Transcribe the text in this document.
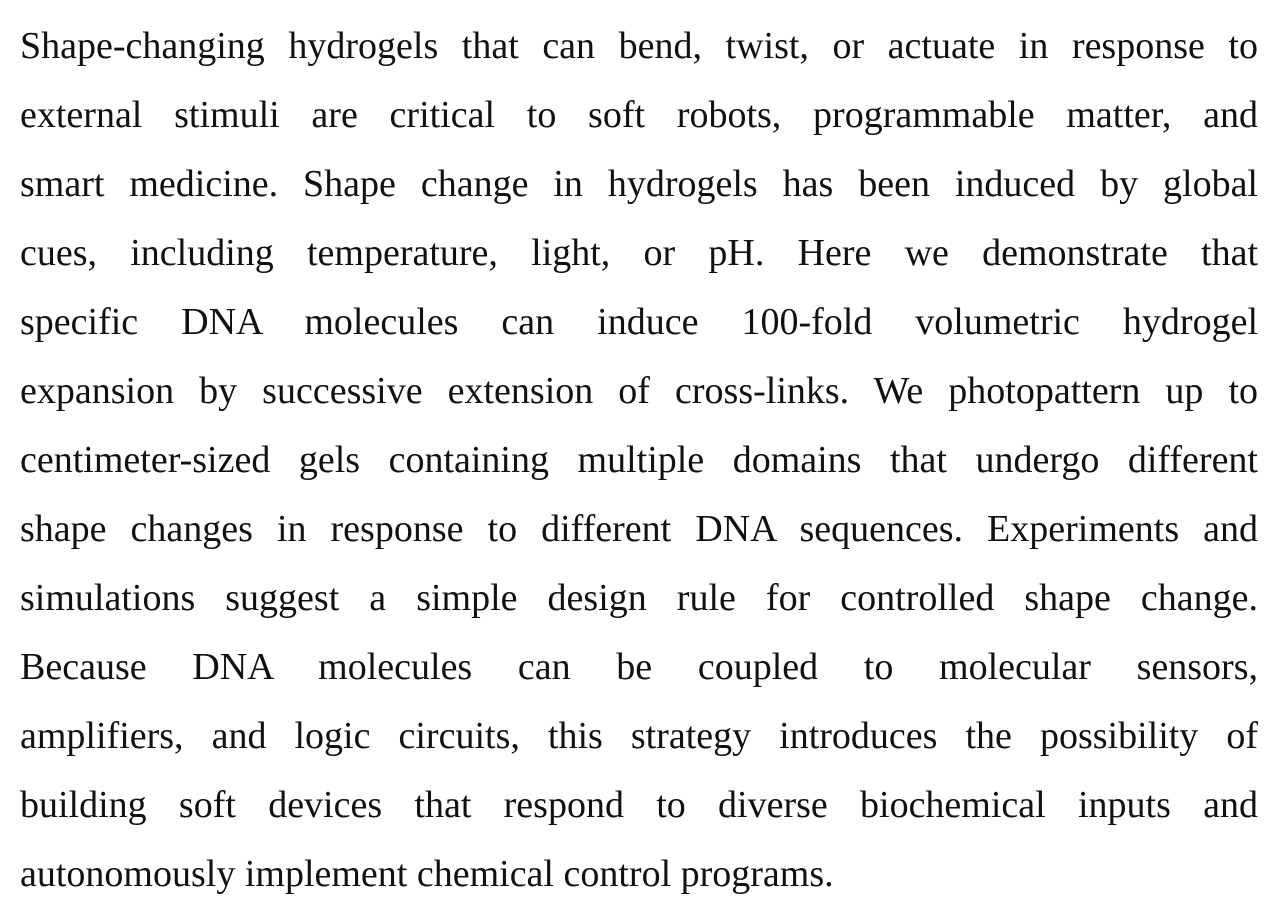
Shape-changing hydrogels that can bend, twist, or actuate in response to
external stimuli are critical to soft robots, programmable matter, and
smart medicine. Shape change in hydrogels has been induced by global
cues, including temperature, light, or pH. Here we demonstrate that
specific DNA molecules can induce 100-fold volumetric hydrogel
expansion by successive extension of cross-links. We photopattern up to
centimeter-sized gels containing multiple domains that undergo different
shape changes in response to different DNA sequences. Experiments and
simulations suggest a simple design rule for controlled shape change.
Because DNA molecules can be coupled to molecular sensors,
amplifiers, and logic circuits, this strategy introduces the possibility of
building soft devices that respond to diverse biochemical inputs and
autonomously implement chemical control programs.
